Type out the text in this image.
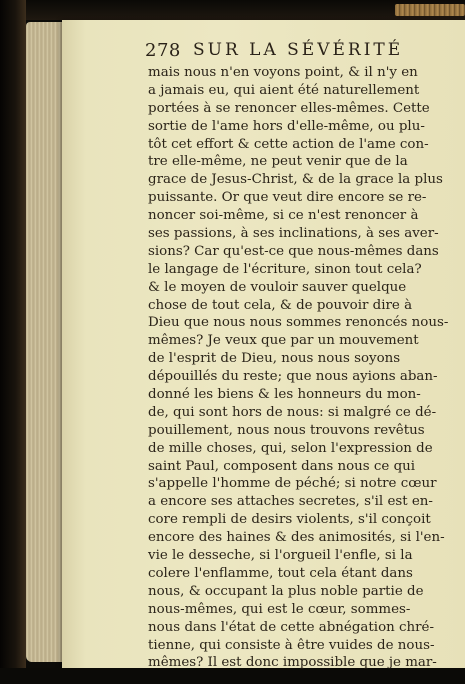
278 SUR LA SÉVÉRITÉ
mais nous n'en voyons point, & il n'y en
a jamais eu, qui aient été naturellement
portées à se renoncer elles-mêmes. Cette
sortie de l'ame hors d'elle-même, ou plu-
tôt cet effort & cette action de l'ame con-
tre elle-même, ne peut venir que de la
grace de Jesus-Christ, & de la grace la plus
puissante. Or que veut dire encore se re-
noncer soi-même, si ce n'est renoncer à
ses passions, à ses inclinations, à ses aver-
sions? Car qu'est-ce que nous-mêmes dans
le langage de l'écriture, sinon tout cela?
& le moyen de vouloir sauver quelque
chose de tout cela, & de pouvoir dire à
Dieu que nous nous sommes renoncés nous-
mêmes? Je veux que par un mouvement
de l'esprit de Dieu, nous nous soyons
dépouillés du reste; que nous ayions aban-
donné les biens & les honneurs du mon-
de, qui sont hors de nous: si malgré ce dé-
pouillement, nous nous trouvons revêtus
de mille choses, qui, selon l'expression de
saint Paul, composent dans nous ce qui
s'appelle l'homme de péché; si notre cœur
a encore ses attaches secretes, s'il est en-
core rempli de desirs violents, s'il conçoit
encore des haines & des animosités, si l'en-
vie le desseche, si l'orgueil l'enfle, si la
colere l'enflamme, tout cela étant dans
nous, & occupant la plus noble partie de
nous-mêmes, qui est le cœur, sommes-
nous dans l'état de cette abnégation chré-
tienne, qui consiste à être vuides de nous-
mêmes? Il est donc impossible que je mar-
